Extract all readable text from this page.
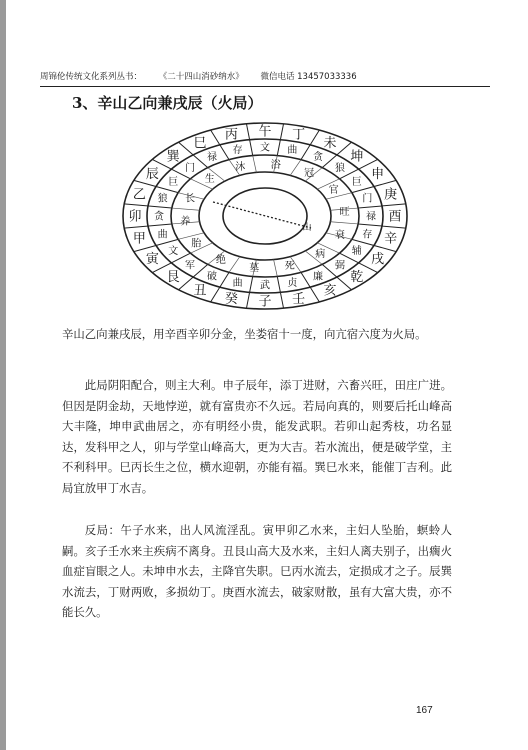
周锦伦传统文化系列丛书： 《二十四山消砂纳水》 微信电话 13457033336
3、辛山乙向兼戌辰（火局）
午 丁
未
坤
申
庚
酉
辛
戌
乾
亥
壬
子
癸
丑
艮
寅
甲
卯
乙
辰
巽
巳
丙
文 曲
贪
狼
巨
门
禄
存
辅
弼
廉
贞
武
曲
破
军
文
曲
贪
狼
巨
门
禄
存
浴
冠
官
旺
衰
病
死
墓
绝
胎
养
长
生
沐
山

辛山乙向兼戌辰，用辛酉辛卯分金，坐娄宿十一度，向亢宿六度为火局。

此局阴阳配合，则主大利。申子辰年，添丁进财，六畜兴旺，田庄广进。但因是阴金劫，天地悖逆，就有富贵亦不久远。若局向真的，则要后托山峰高大丰隆，坤申武曲居之，亦有明经小贵，能发武职。若卯山起秀枝，功名显达，发科甲之人，卯与学堂山峰高大，更为大吉。若水流出，便是破学堂，主不利科甲。巳丙长生之位，横水迎朝，亦能有福。巽巳水来，能催丁吉利。此局宜放甲丁水吉。

反局：午子水来，出人风流淫乱。寅甲卯乙水来，主妇人坠胎，螟蛉人嗣。亥子壬水来主疾病不离身。丑艮山高大及水来，主妇人离夫别子，出瘸火血症盲眼之人。未坤申水去，主降官失职。巳丙水流去，定损成才之子。辰巽水流去，丁财两败，多损幼丁。庚酉水流去，破家财散，虽有大富大贵，亦不能长久。

167
